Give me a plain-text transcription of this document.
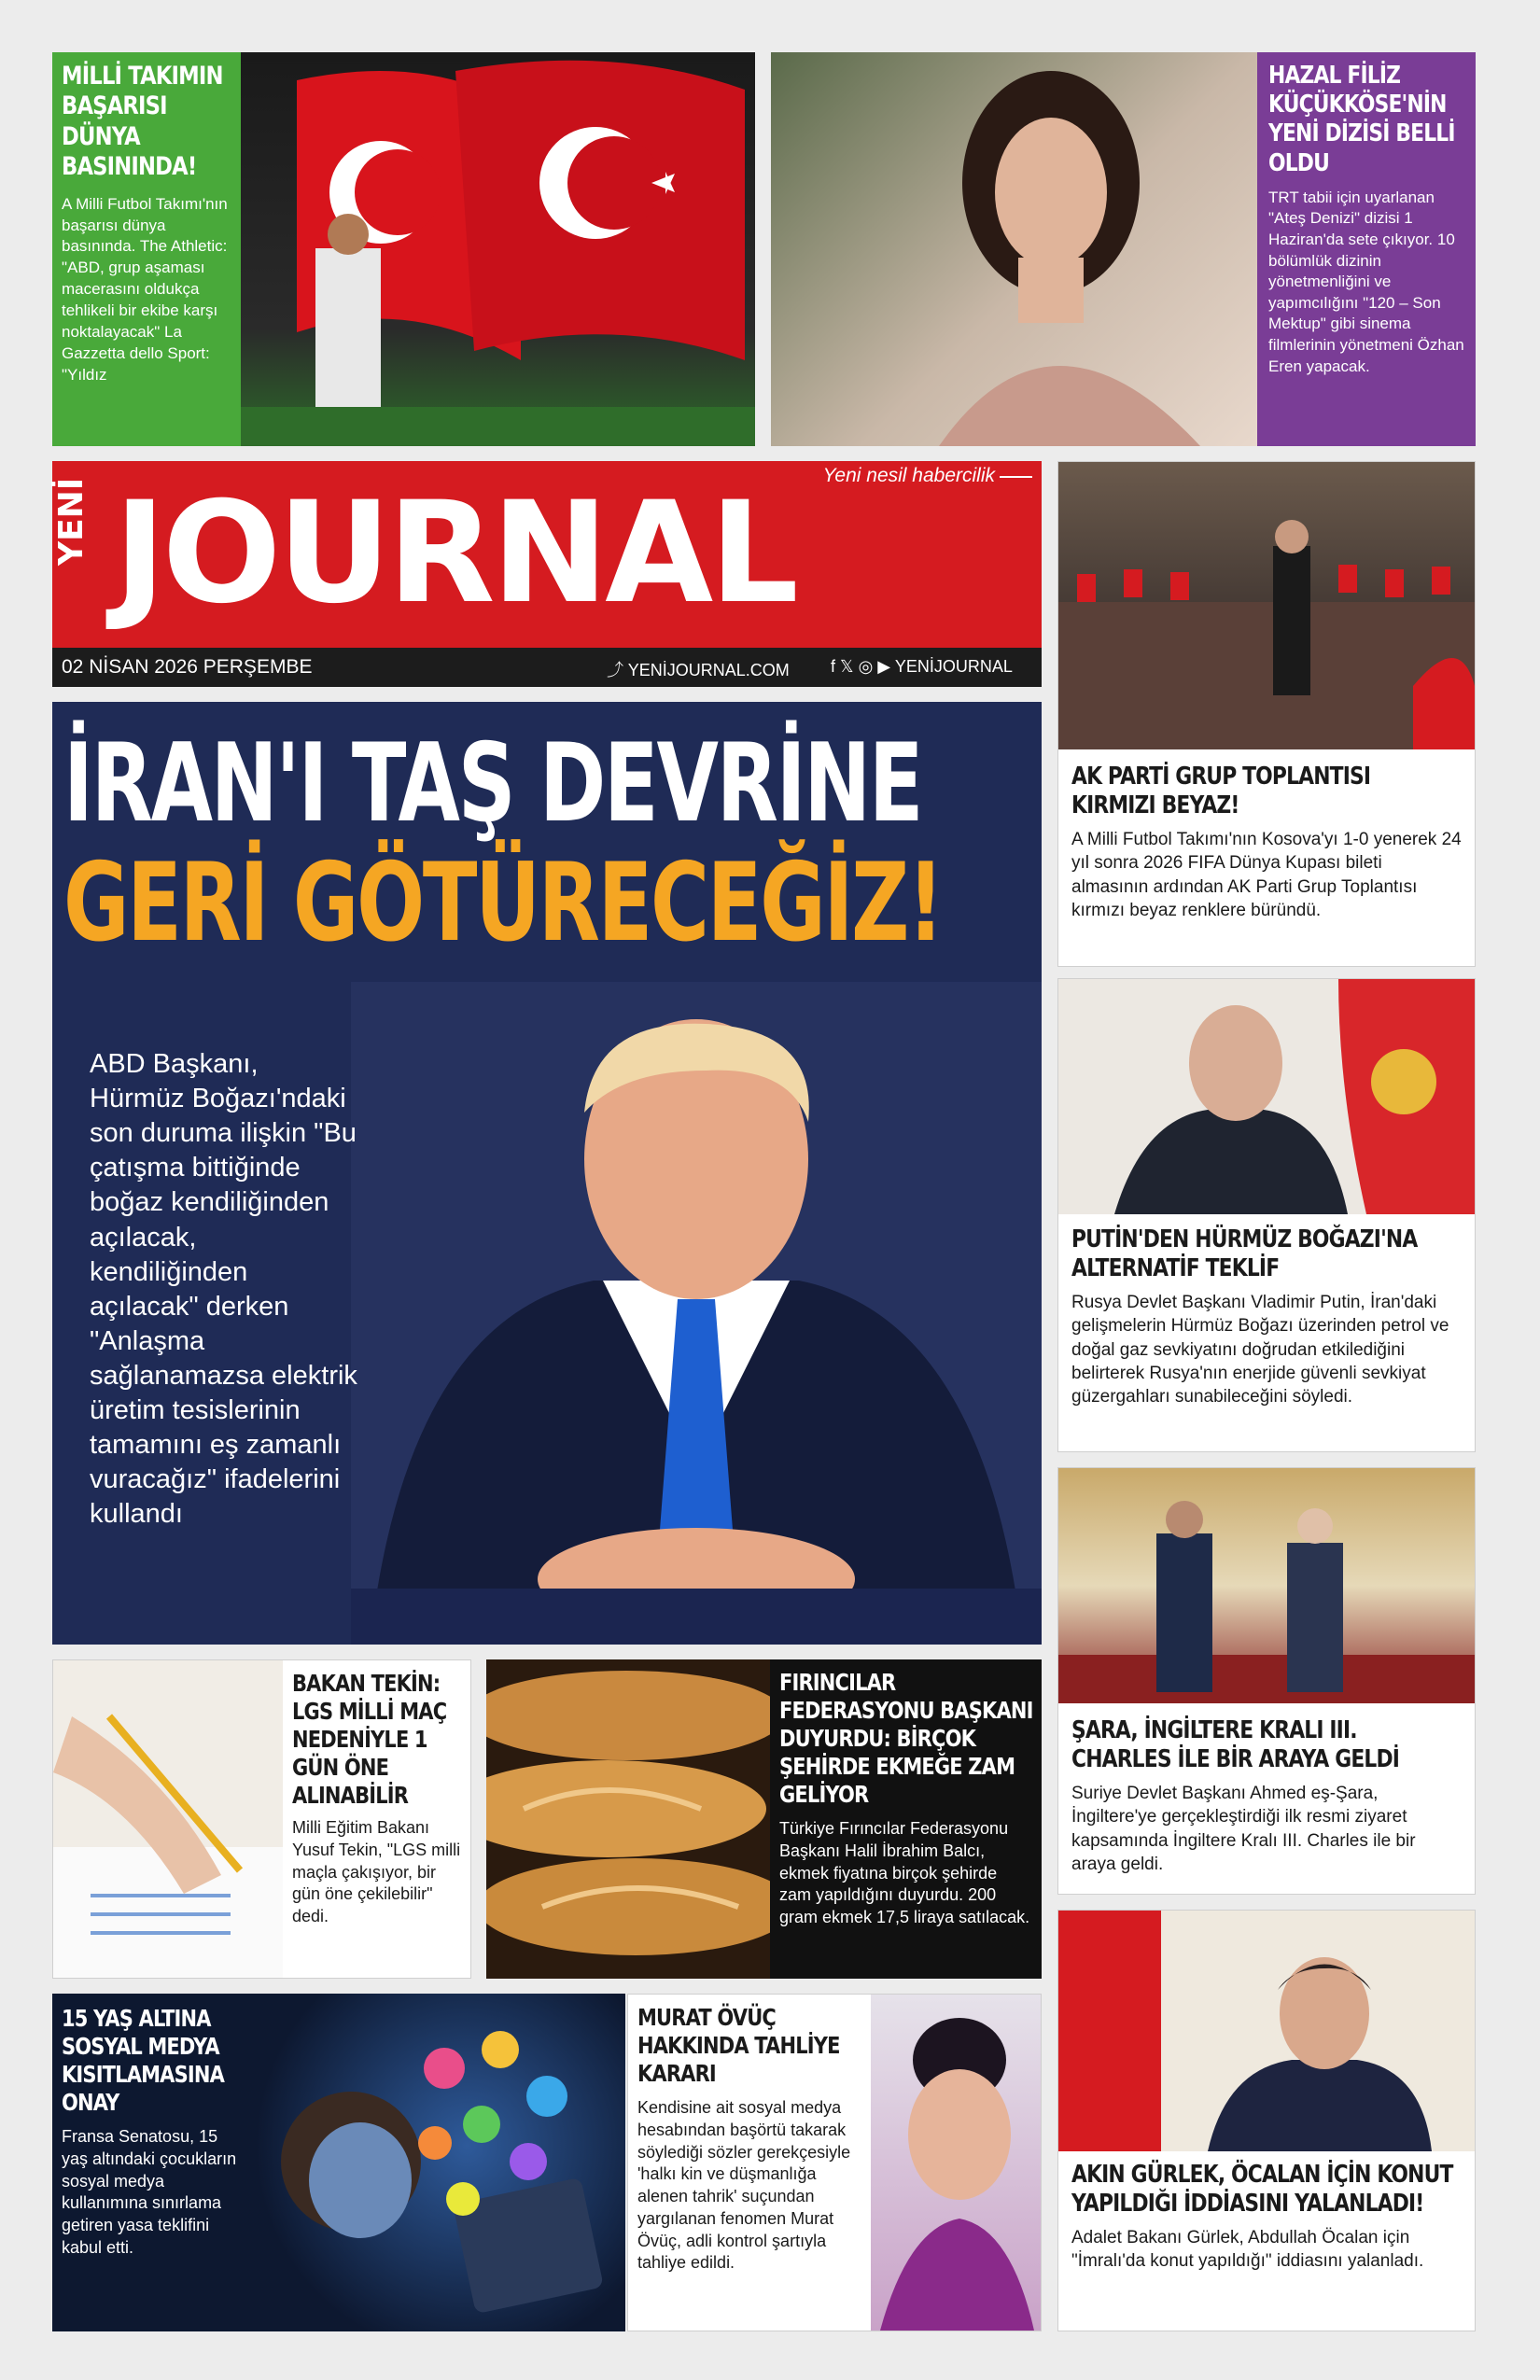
MİLLİ TAKIMIN BAŞARISI DÜNYA BASININDA!
A Milli Futbol Takımı'nın başarısı dünya basınında. The Athletic: "ABD, grup aşaması macerasını oldukça tehlikeli bir ekibe karşı noktalayacak" La Gazzetta dello Sport: "Yıldız
HAZAL FİLİZ KÜÇÜKKÖSE'NİN YENİ DİZİSİ BELLİ OLDU
TRT tabii için uyarlanan "Ateş Denizi" dizisi 1 Haziran'da sete çıkıyor. 10 bölümlük dizinin yönetmenliğini ve yapımcılığını "120 – Son Mektup" gibi sinema filmlerinin yönetmeni Özhan Eren yapacak.
Yeni nesil habercilik
YENİ JOURNAL
02 NİSAN 2026 PERŞEMBE	⤴ YENİJOURNAL.COM f 𝕏 ◎ ▶ YENİJOURNAL
İRAN'I TAŞ DEVRİNE
GERİ GÖTÜRECEĞİZ!
ABD Başkanı, Hürmüz Boğazı'ndaki son duruma ilişkin "Bu çatışma bittiğinde boğaz kendiliğinden açılacak, kendiliğinden açılacak" derken "Anlaşma sağlanamazsa elektrik üretim tesislerinin tamamını eş zamanlı vuracağız" ifadelerini kullandı
AK PARTİ GRUP TOPLANTISI KIRMIZI BEYAZ!
A Milli Futbol Takımı'nın Kosova'yı 1-0 yenerek 24 yıl sonra 2026 FIFA Dünya Kupası bileti almasının ardından AK Parti Grup Toplantısı kırmızı beyaz renklere büründü.
PUTİN'DEN HÜRMÜZ BOĞAZI'NA ALTERNATİF TEKLİF
Rusya Devlet Başkanı Vladimir Putin, İran'daki gelişmelerin Hürmüz Boğazı üzerinden petrol ve doğal gaz sevkiyatını doğrudan etkilediğini belirterek Rusya'nın enerjide güvenli sevkiyat güzergahları sunabileceğini söyledi.
ŞARA, İNGİLTERE KRALI III. CHARLES İLE BİR ARAYA GELDİ
Suriye Devlet Başkanı Ahmed eş-Şara, İngiltere'ye gerçekleştirdiği ilk resmi ziyaret kapsamında İngiltere Kralı III. Charles ile bir araya geldi.
AKIN GÜRLEK, ÖCALAN İÇİN KONUT YAPILDIĞI İDDİASINI YALANLADI!
Adalet Bakanı Gürlek, Abdullah Öcalan için "İmralı'da konut yapıldığı" iddiasını yalanladı.
BAKAN TEKİN: LGS MİLLİ MAÇ NEDENİYLE 1 GÜN ÖNE ALINABİLİR
Milli Eğitim Bakanı Yusuf Tekin, "LGS milli maçla çakışıyor, bir gün öne çekilebilir" dedi.
FIRINCILAR FEDERASYONU BAŞKANI DUYURDU: BİRÇOK ŞEHİRDE EKMEĞE ZAM GELİYOR
Türkiye Fırıncılar Federasyonu Başkanı Halil İbrahim Balcı, ekmek fiyatına birçok şehirde zam yapıldığını duyurdu. 200 gram ekmek 17,5 liraya satılacak.
15 YAŞ ALTINA SOSYAL MEDYA KISITLAMASINA ONAY
Fransa Senatosu, 15 yaş altındaki çocukların sosyal medya kullanımına sınırlama getiren yasa teklifini kabul etti.
MURAT ÖVÜÇ HAKKINDA TAHLİYE KARARI
Kendisine ait sosyal medya hesabından başörtü takarak söylediği sözler gerekçesiyle 'halkı kin ve düşmanlığa alenen tahrik' suçundan yargılanan fenomen Murat Övüç, adli kontrol şartıyla tahliye edildi.
